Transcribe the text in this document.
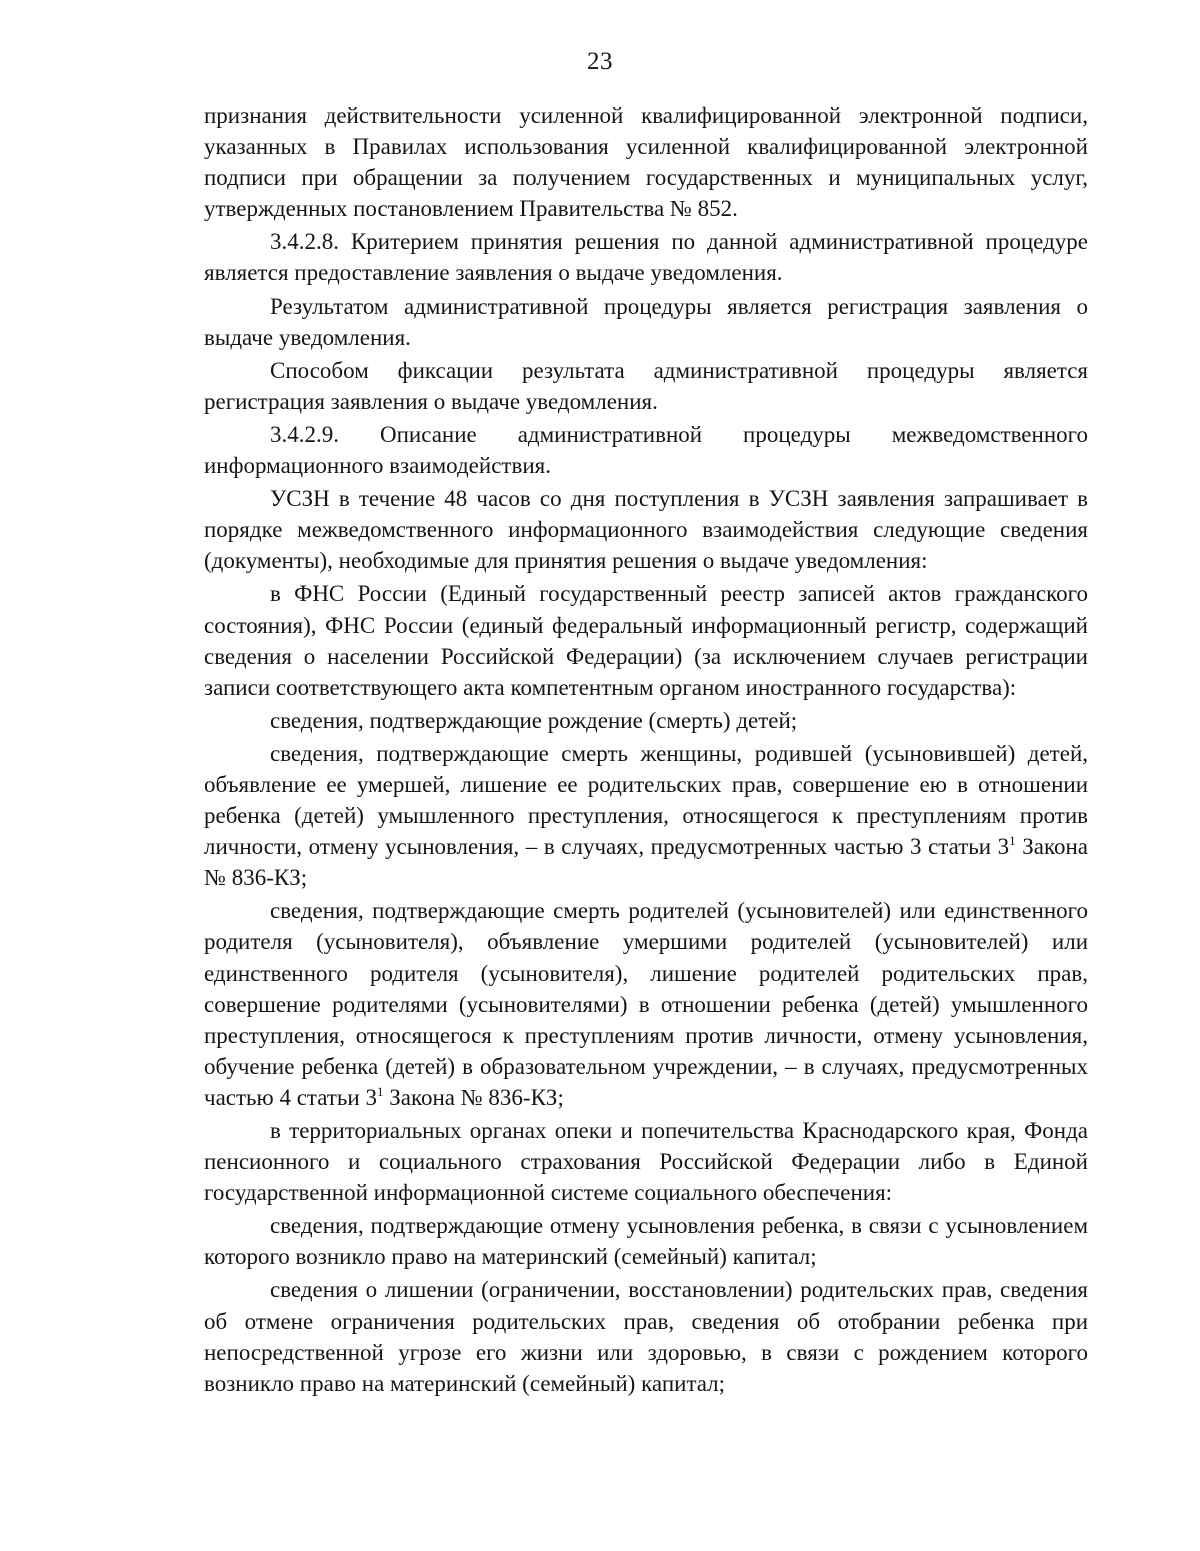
23

признания действительности усиленной квалифицированной электронной подписи, указанных в Правилах использования усиленной квалифицированной электронной подписи при обращении за получением государственных и муниципальных услуг, утвержденных постановлением Правительства № 852.

3.4.2.8. Критерием принятия решения по данной административной процедуре является предоставление заявления о выдаче уведомления.

Результатом административной процедуры является регистрация заявления о выдаче уведомления.

Способом фиксации результата административной процедуры является регистрация заявления о выдаче уведомления.

3.4.2.9. Описание административной процедуры межведомственного информационного взаимодействия.

УСЗН в течение 48 часов со дня поступления в УСЗН заявления запрашивает в порядке межведомственного информационного взаимодействия следующие сведения (документы), необходимые для принятия решения о выдаче уведомления:

в ФНС России (Единый государственный реестр записей актов гражданского состояния), ФНС России (единый федеральный информационный регистр, содержащий сведения о населении Российской Федерации) (за исключением случаев регистрации записи соответствующего акта компетентным органом иностранного государства):

сведения, подтверждающие рождение (смерть) детей;

сведения, подтверждающие смерть женщины, родившей (усыновившей) детей, объявление ее умершей, лишение ее родительских прав, совершение ею в отношении ребенка (детей) умышленного преступления, относящегося к преступлениям против личности, отмену усыновления, – в случаях, предусмотренных частью 3 статьи $3^1$ Закона № 836-КЗ;

сведения, подтверждающие смерть родителей (усыновителей) или единственного родителя (усыновителя), объявление умершими родителей (усыновителей) или единственного родителя (усыновителя), лишение родителей родительских прав, совершение родителями (усыновителями) в отношении ребенка (детей) умышленного преступления, относящегося к преступлениям против личности, отмену усыновления, обучение ребенка (детей) в образовательном учреждении, – в случаях, предусмотренных частью 4 статьи $3^1$ Закона № 836-КЗ;

в территориальных органах опеки и попечительства Краснодарского края, Фонда пенсионного и социального страхования Российской Федерации либо в Единой государственной информационной системе социального обеспечения:

сведения, подтверждающие отмену усыновления ребенка, в связи с усыновлением которого возникло право на материнский (семейный) капитал;

сведения о лишении (ограничении, восстановлении) родительских прав, сведения об отмене ограничения родительских прав, сведения об отобрании ребенка при непосредственной угрозе его жизни или здоровью, в связи с рождением которого возникло право на материнский (семейный) капитал;
